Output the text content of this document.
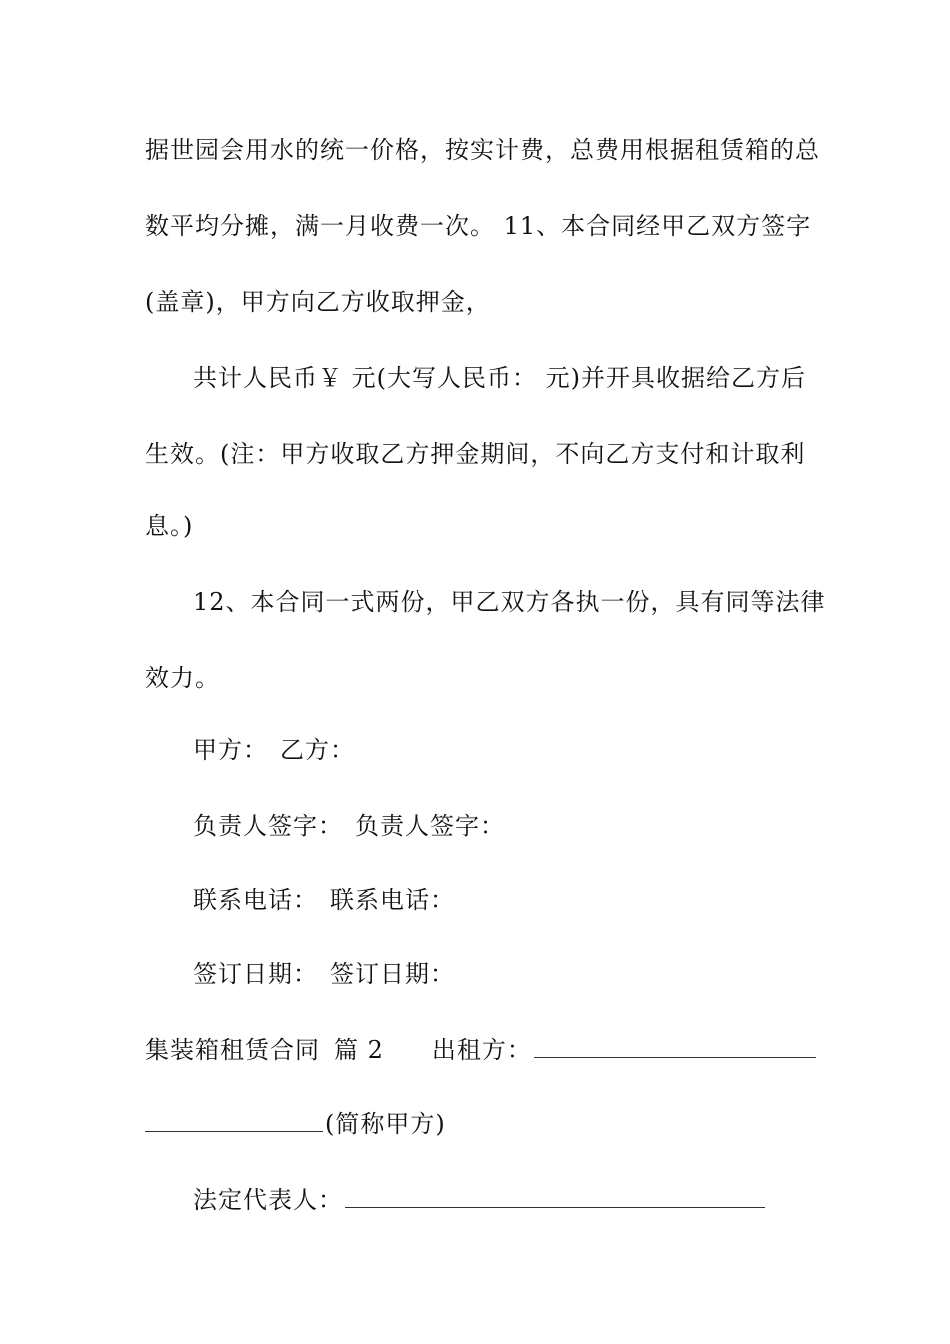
据世园会用水的统一价格，按实计费，总费用根据租赁箱的总
数平均分摊，满一月收费一次。 11、本合同经甲乙双方签字
(盖章)，甲方向乙方收取押金，
共计人民币￥ 元(大写人民币： 元)并开具收据给乙方后
生效。(注：甲方收取乙方押金期间，不向乙方支付和计取利
息。)
12、本合同一式两份，甲乙双方各执一份，具有同等法律
效力。
甲方： 乙方：
负责人签字： 负责人签字：
联系电话： 联系电话：
签订日期： 签订日期：
集装箱租赁合同 篇 2 出租方：
(简称甲方)
法定代表人：
